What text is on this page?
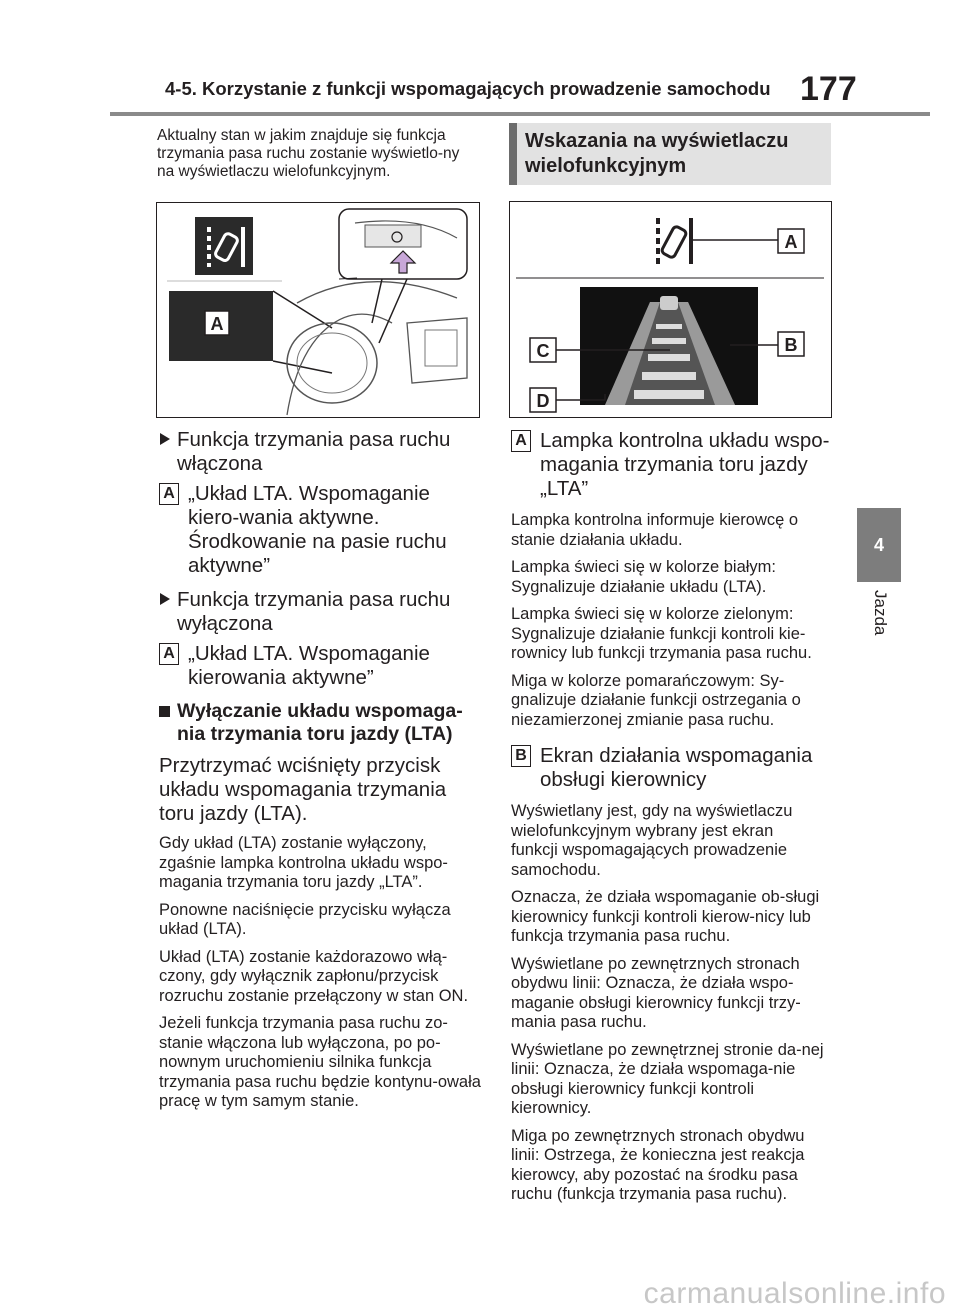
4-5. Korzystanie z funkcji wspomagających prowadzenie samochodu 177
4
Jazda
Aktualny stan w jakim znajduje się funkcja trzymania pasa ruchu zostanie wyświetlo-ny na wyświetlaczu wielofunkcyjnym.
A
Funkcja trzymania pasa ruchu włączona
A „Układ LTA. Wspomaganie kiero-wania aktywne. Środkowanie na pasie ruchu aktywne”
Funkcja trzymania pasa ruchu wyłączona
A „Układ LTA. Wspomaganie kierowania aktywne”
Wyłączanie układu wspomaga-nia trzymania toru jazdy (LTA)
Przytrzymać wciśnięty przycisk układu wspomagania trzymania toru jazdy (LTA).
Gdy układ (LTA) zostanie wyłączony, zgaśnie lampka kontrolna układu wspo-magania trzymania toru jazdy „LTA”.
Ponowne naciśnięcie przycisku wyłącza układ (LTA).
Układ (LTA) zostanie każdorazowo włą-czony, gdy wyłącznik zapłonu/przycisk rozruchu zostanie przełączony w stan ON.
Jeżeli funkcja trzymania pasa ruchu zo-stanie włączona lub wyłączona, po po-nownym uruchomieniu silnika funkcja trzymania pasa ruchu będzie kontynu-owała pracę w tym samym stanie.
Wskazania na wyświetlaczu wielofunkcyjnym
A
B
C
D
A Lampka kontrolna układu wspo-magania trzymania toru jazdy „LTA”
Lampka kontrolna informuje kierowcę o stanie działania układu.
Lampka świeci się w kolorze białym: Sygnalizuje działanie układu (LTA).
Lampka świeci się w kolorze zielonym: Sygnalizuje działanie funkcji kontroli kie-rownicy lub funkcji trzymania pasa ruchu.
Miga w kolorze pomarańczowym: Sy-gnalizuje działanie funkcji ostrzegania o niezamierzonej zmianie pasa ruchu.
B Ekran działania wspomagania obsługi kierownicy
Wyświetlany jest, gdy na wyświetlaczu wielofunkcyjnym wybrany jest ekran funkcji wspomagających prowadzenie samochodu.
Oznacza, że działa wspomaganie ob-sługi kierownicy funkcji kontroli kierow-nicy lub funkcja trzymania pasa ruchu.
Wyświetlane po zewnętrznych stronach obydwu linii: Oznacza, że działa wspo-maganie obsługi kierownicy funkcji trzy-mania pasa ruchu.
Wyświetlane po zewnętrznej stronie da-nej linii: Oznacza, że działa wspomaga-nie obsługi kierownicy funkcji kontroli kierownicy.
Miga po zewnętrznych stronach obydwu linii: Ostrzega, że konieczna jest reakcja kierowcy, aby pozostać na środku pasa ruchu (funkcja trzymania pasa ruchu).
carmanualsonline.info
